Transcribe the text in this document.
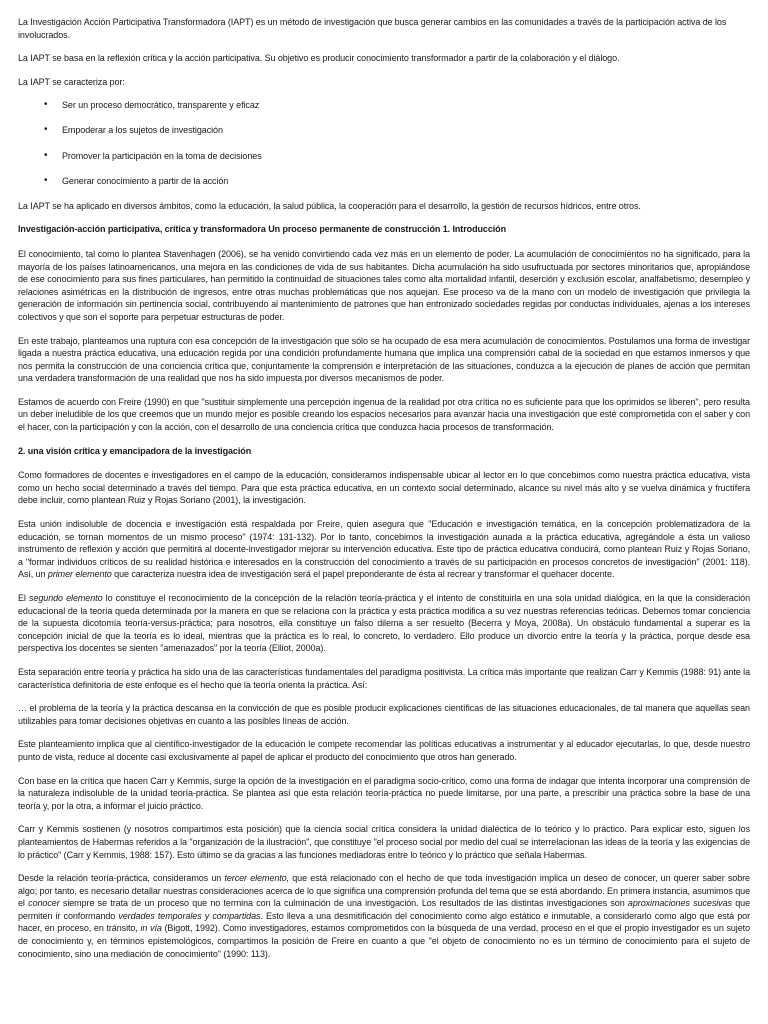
La Investigación Acción Participativa Transformadora (IAPT) es un método de investigación que busca generar cambios en las comunidades a través de la participación activa de los involucrados.

La IAPT se basa en la reflexión crítica y la acción participativa. Su objetivo es producir conocimiento transformador a partir de la colaboración y el diálogo.

La IAPT se caracteriza por:

• Ser un proceso democrático, transparente y eficaz
• Empoderar a los sujetos de investigación
• Promover la participación en la toma de decisiones
• Generar conocimiento a partir de la acción

La IAPT se ha aplicado en diversos ámbitos, como la educación, la salud pública, la cooperación para el desarrollo, la gestión de recursos hídricos, entre otros.

Investigación-acción participativa, crítica y transformadora Un proceso permanente de construcción 1. Introducción

El conocimiento, tal como lo plantea Stavenhagen (2006), se ha venido convirtiendo cada vez más en un elemento de poder. La acumulación de conocimientos no ha significado, para la mayoría de los países latinoamericanos, una mejora en las condiciones de vida de sus habitantes. Dicha acumulación ha sido usufructuada por sectores minoritarios que, apropiándose de ese conocimiento para sus fines particulares, han permitido la continuidad de situaciones tales como alta mortalidad infantil, deserción y exclusión escolar, analfabetismo, desempleo y relaciones asimétricas en la distribución de ingresos, entre otras muchas problemáticas que nos aquejan. Ese proceso va de la mano con un modelo de investigación que privilegia la generación de información sin pertinencia social, contribuyendo al mantenimiento de patrones que han entronizado sociedades regidas por conductas individuales, ajenas a los intereses colectivos y que son el soporte para perpetuar estructuras de poder.

En este trabajo, planteamos una ruptura con esa concepción de la investigación que sólo se ha ocupado de esa mera acumulación de conocimientos. Postulamos una forma de investigar ligada a nuestra práctica educativa, una educación regida por una condición profundamente humana que implica una comprensión cabal de la sociedad en que estamos inmersos y que nos permita la construcción de una conciencia crítica que, conjuntamente la comprensión e interpretación de las situaciones, conduzca a la ejecución de planes de acción que permitan una verdadera transformación de una realidad que nos ha sido impuesta por diversos mecanismos de poder.

Estamos de acuerdo con Freire (1990) en que "sustituir simplemente una percepción ingenua de la realidad por otra crítica no es suficiente para que los oprimidos se liberen", pero resulta un deber ineludible de los que creemos que un mundo mejor es posible creando los espacios necesarios para avanzar hacia una investigación que esté comprometida con el saber y con el hacer, con la participación y con la acción, con el desarrollo de una conciencia crítica que conduzca hacia procesos de transformación.

2. una visión crítica y emancipadora de la investigación

Como formadores de docentes e investigadores en el campo de la educación, consideramos indispensable ubicar al lector en lo que concebimos como nuestra práctica educativa, vista como un hecho social determinado a través del tiempo. Para que esta práctica educativa, en un contexto social determinado, alcance su nivel más alto y se vuelva dinámica y fructífera debe incluir, como plantean Ruiz y Rojas Soriano (2001), la investigación.

Esta unión indisoluble de docencia e investigación está respaldada por Freire, quien asegura que "Educación e investigación temática, en la concepción problematizadora de la educación, se tornan momentos de un mismo proceso" (1974: 131-132). Por lo tanto, concebimos la investigación aunada a la práctica educativa, agregándole a ésta un valioso instrumento de reflexión y acción que permitirá al docente-investigador mejorar su intervención educativa. Este tipo de práctica educativa conducirá, como plantean Ruiz y Rojas Soriano, a "formar individuos críticos de su realidad histórica e interesados en la construcción del conocimiento a través de su participación en procesos concretos de investigación" (2001: 118). Así, un primer elemento que caracteriza nuestra idea de investigación será el papel preponderante de ésta al recrear y transformar el quehacer docente.

El segundo elemento lo constituye el reconocimiento de la concepción de la relación teoría-práctica y el intento de constituirla en una sola unidad dialógica, en la que la consideración educacional de la teoría queda determinada por la manera en que se relaciona con la práctica y esta práctica modifica a su vez nuestras referencias teóricas. Debemos tomar conciencia de la supuesta dicotomía teoría-versus-práctica; para nosotros, ella constituye un falso dilema a ser resuelto (Becerra y Moya, 2008a). Un obstáculo fundamental a superar es la concepción inicial de que la teoría es lo ideal, mientras que la práctica es lo real, lo concreto, lo verdadero. Ello produce un divorcio entre la teoría y la práctica, porque desde esa perspectiva los docentes se sienten "amenazados" por la teoría (Elliot, 2000a).

Esta separación entre teoría y práctica ha sido una de las características fundamentales del paradigma positivista. La crítica más importante que realizan Carr y Kemmis (1988: 91) ante la característica definitoria de este enfoque es el hecho que la teoría orienta la práctica. Así:

… el problema de la teoría y la práctica descansa en la convicción de que es posible producir explicaciones científicas de las situaciones educacionales, de tal manera que aquellas sean utilizables para tomar decisiones objetivas en cuanto a las posibles líneas de acción.

Este planteamiento implica que al científico-investigador de la educación le compete recomendar las políticas educativas a instrumentar y al educador ejecutarlas, lo que, desde nuestro punto de vista, reduce al docente casi exclusivamente al papel de aplicar el producto del conocimiento que otros han generado.

Con base en la crítica que hacen Carr y Kemmis, surge la opción de la investigación en el paradigma socio-crítico, como una forma de indagar que intenta incorporar una comprensión de la naturaleza indisoluble de la unidad teoría-práctica. Se plantea así que esta relación teoría-práctica no puede limitarse, por una parte, a prescribir una práctica sobre la base de una teoría y, por la otra, a informar el juicio práctico.

Carr y Kemmis sostienen (y nosotros compartimos esta posición) que la ciencia social crítica considera la unidad dialéctica de lo teórico y lo práctico. Para explicar esto, siguen los planteamientos de Habermas referidos a la "organización de la ilustración", que constituye "el proceso social por medio del cual se interrelacionan las ideas de la teoría y las exigencias de lo práctico" (Carr y Kemmis, 1988: 157). Esto último se da gracias a las funciones mediadoras entre lo teórico y lo práctico que señala Habermas.

Desde la relación teoría-práctica, consideramos un tercer elemento, que está relacionado con el hecho de que toda investigación implica un deseo de conocer, un querer saber sobre algo; por tanto, es necesario detallar nuestras consideraciones acerca de lo que significa una comprensión profunda del tema que se está abordando. En primera instancia, asumimos que el conocer siempre se trata de un proceso que no termina con la culminación de una investigación. Los resultados de las distintas investigaciones son aproximaciones sucesivas que permiten ir conformando verdades temporales y compartidas. Esto lleva a una desmitificación del conocimiento como algo estático e inmutable, a considerarlo como algo que está por hacer, en proceso, en tránsito, in vía (Bigott, 1992). Como investigadores, estamos comprometidos con la búsqueda de una verdad, proceso en el que el propio investigador es un sujeto de conocimiento y, en términos epistemológicos, compartimos la posición de Freire en cuanto a que "el objeto de conocimiento no es un término de conocimiento para el sujeto de conocimiento, sino una mediación de conocimiento" (1990: 113).
